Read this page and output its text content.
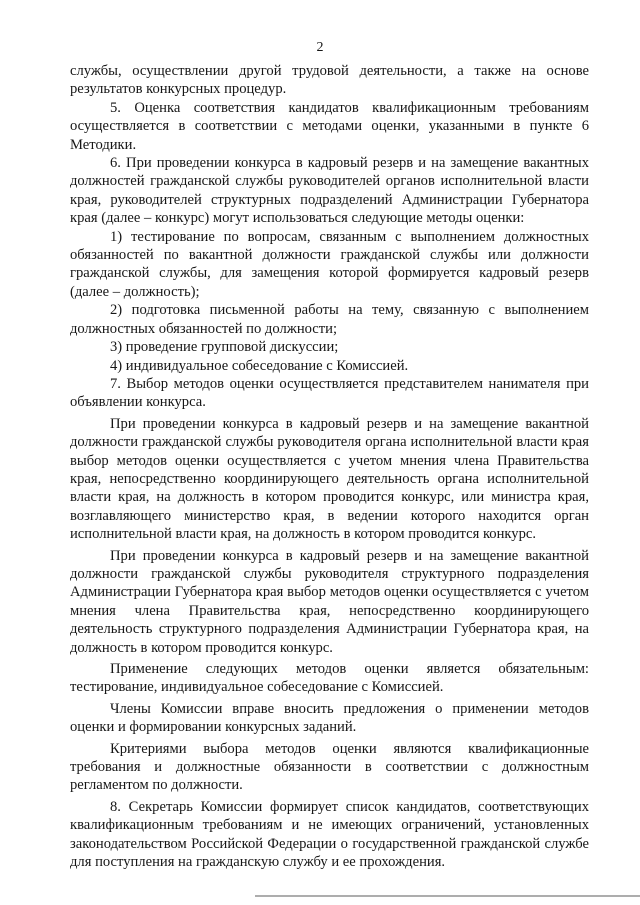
2

службы, осуществлении другой трудовой деятельности, а также на основе результатов конкурсных процедур.

5. Оценка соответствия кандидатов квалификационным требованиям осуществляется в соответствии с методами оценки, указанными в пункте 6 Методики.

6. При проведении конкурса в кадровый резерв и на замещение вакантных должностей гражданской службы руководителей органов исполнительной власти края, руководителей структурных подразделений Администрации Губернатора края (далее – конкурс) могут использоваться следующие методы оценки:

1) тестирование по вопросам, связанным с выполнением должностных обязанностей по вакантной должности гражданской службы или должности гражданской службы, для замещения которой формируется кадровый резерв (далее – должность);

2) подготовка письменной работы на тему, связанную с выполнением должностных обязанностей по должности;

3) проведение групповой дискуссии;

4) индивидуальное собеседование с Комиссией.

7. Выбор методов оценки осуществляется представителем нанимателя при объявлении конкурса.

При проведении конкурса в кадровый резерв и на замещение вакантной должности гражданской службы руководителя органа исполнительной власти края выбор методов оценки осуществляется с учетом мнения члена Правительства края, непосредственно координирующего деятельность органа исполнительной власти края, на должность в котором проводится конкурс, или министра края, возглавляющего министерство края, в ведении которого находится орган исполнительной власти края, на должность в котором проводится конкурс.

При проведении конкурса в кадровый резерв и на замещение вакантной должности гражданской службы руководителя структурного подразделения Администрации Губернатора края выбор методов оценки осуществляется с учетом мнения члена Правительства края, непосредственно координирующего деятельность структурного подразделения Администрации Губернатора края, на должность в котором проводится конкурс.

Применение следующих методов оценки является обязательным: тестирование, индивидуальное собеседование с Комиссией.

Члены Комиссии вправе вносить предложения о применении методов оценки и формировании конкурсных заданий.

Критериями выбора методов оценки являются квалификационные требования и должностные обязанности в соответствии с должностным регламентом по должности.

8. Секретарь Комиссии формирует список кандидатов, соответствующих квалификационным требованиям и не имеющих ограничений, установленных законодательством Российской Федерации о государственной гражданской службе для поступления на гражданскую службу и ее прохождения.
